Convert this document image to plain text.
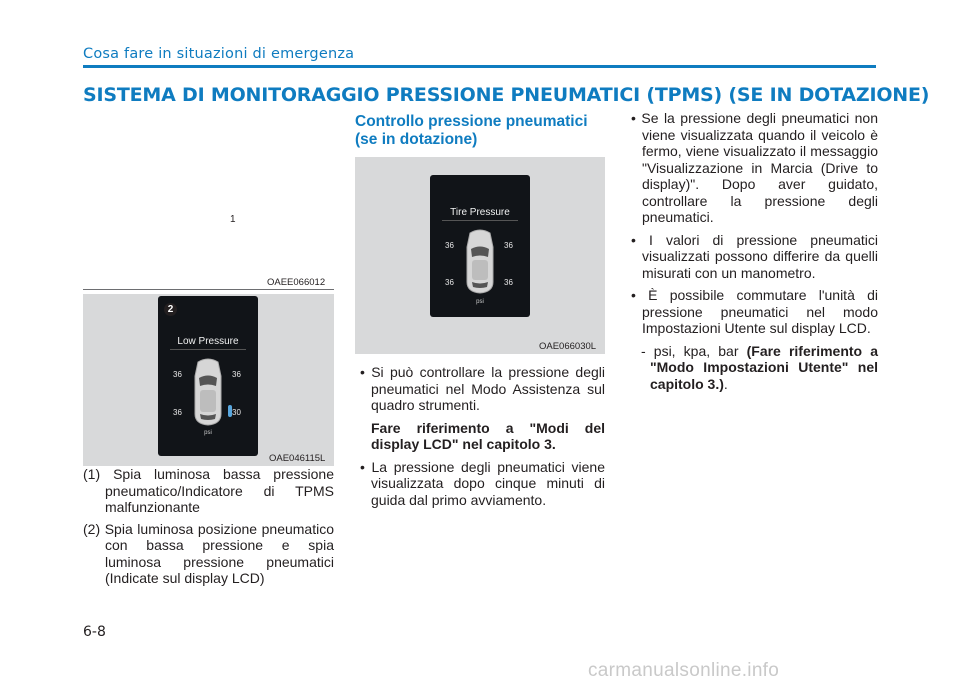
Cosa fare in situazioni di emergenza
SISTEMA DI MONITORAGGIO PRESSIONE PNEUMATICI (TPMS) (SE IN DOTAZIONE)
1
OAEE066012
Low Pressure
36	36
36	30
psi
2
OAE046115L

(1) Spia luminosa bassa pressione pneumatico/Indicatore di TPMS malfunzionante

(2) Spia luminosa posizione pneumatico con bassa pressione e spia luminosa pressione pneumatici (Indicate sul display LCD)

Controllo pressione pneumatici (se in dotazione)
Tire Pressure
36	36
36	36
psi
OAE066030L

• Si può controllare la pressione degli pneumatici nel Modo Assistenza sul quadro strumenti.

Fare riferimento a "Modi del display LCD" nel capitolo 3.

• La pressione degli pneumatici viene visualizzata dopo cinque minuti di guida dal primo avviamento.

• Se la pressione degli pneumatici non viene visualizzata quando il veicolo è fermo, viene visualizzato il messaggio "Visualizzazione in Marcia (Drive to display)". Dopo aver guidato, controllare la pressione degli pneumatici.

• I valori di pressione pneumatici visualizzati possono differire da quelli misurati con un manometro.

• È possibile commutare l'unità di pressione pneumatici nel modo Impostazioni Utente sul display LCD.

- psi, kpa, bar (Fare riferimento a "Modo Impostazioni Utente" nel capitolo 3.).

6-8
carmanualsonline.info
